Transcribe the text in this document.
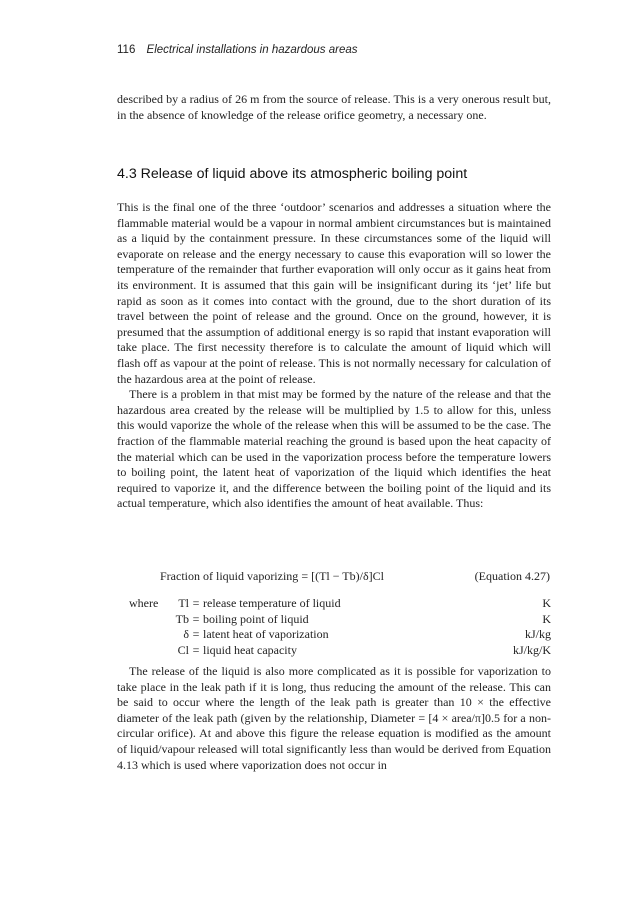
116 Electrical installations in hazardous areas

described by a radius of 26 m from the source of release. This is a very onerous result but, in the absence of knowledge of the release orifice geometry, a necessary one.

4.3 Release of liquid above its atmospheric boiling point

This is the final one of the three ‘outdoor’ scenarios and addresses a situation where the flammable material would be a vapour in normal ambient circumstances but is maintained as a liquid by the containment pressure. In these circumstances some of the liquid will evaporate on release and the energy necessary to cause this evaporation will so lower the temperature of the remainder that further evaporation will only occur as it gains heat from its environment. It is assumed that this gain will be insignificant during its ‘jet’ life but rapid as soon as it comes into contact with the ground, due to the short duration of its travel between the point of release and the ground. Once on the ground, however, it is presumed that the assumption of additional energy is so rapid that instant evaporation will take place. The first necessity therefore is to calculate the amount of liquid which will flash off as vapour at the point of release. This is not normally necessary for calculation of the hazardous area at the point of release.

There is a problem in that mist may be formed by the nature of the release and that the hazardous area created by the release will be multiplied by 1.5 to allow for this, unless this would vaporize the whole of the release when this will be assumed to be the case. The fraction of the flammable material reaching the ground is based upon the heat capacity of the material which can be used in the vaporization process before the temperature lowers to boiling point, the latent heat of vaporization of the liquid which identifies the heat required to vaporize it, and the difference between the boiling point of the liquid and its actual temperature, which also identifies the amount of heat available. Thus:

Fraction of liquid vaporizing = [(Tl − Tb)/δ]Cl	(Equation 4.27)
where	Tl = release temperature of liquid	K
Tb = boiling point of liquid	K
δ = latent heat of vaporization	kJ/kg
Cl = liquid heat capacity	kJ/kg/K

The release of the liquid is also more complicated as it is possible for vaporization to take place in the leak path if it is long, thus reducing the amount of the release. This can be said to occur where the length of the leak path is greater than 10 × the effective diameter of the leak path (given by the relationship, Diameter = [4 × area/π]0.5 for a non-circular orifice). At and above this figure the release equation is modified as the amount of liquid/vapour released will total significantly less than would be derived from Equation 4.13 which is used where vaporization does not occur in
